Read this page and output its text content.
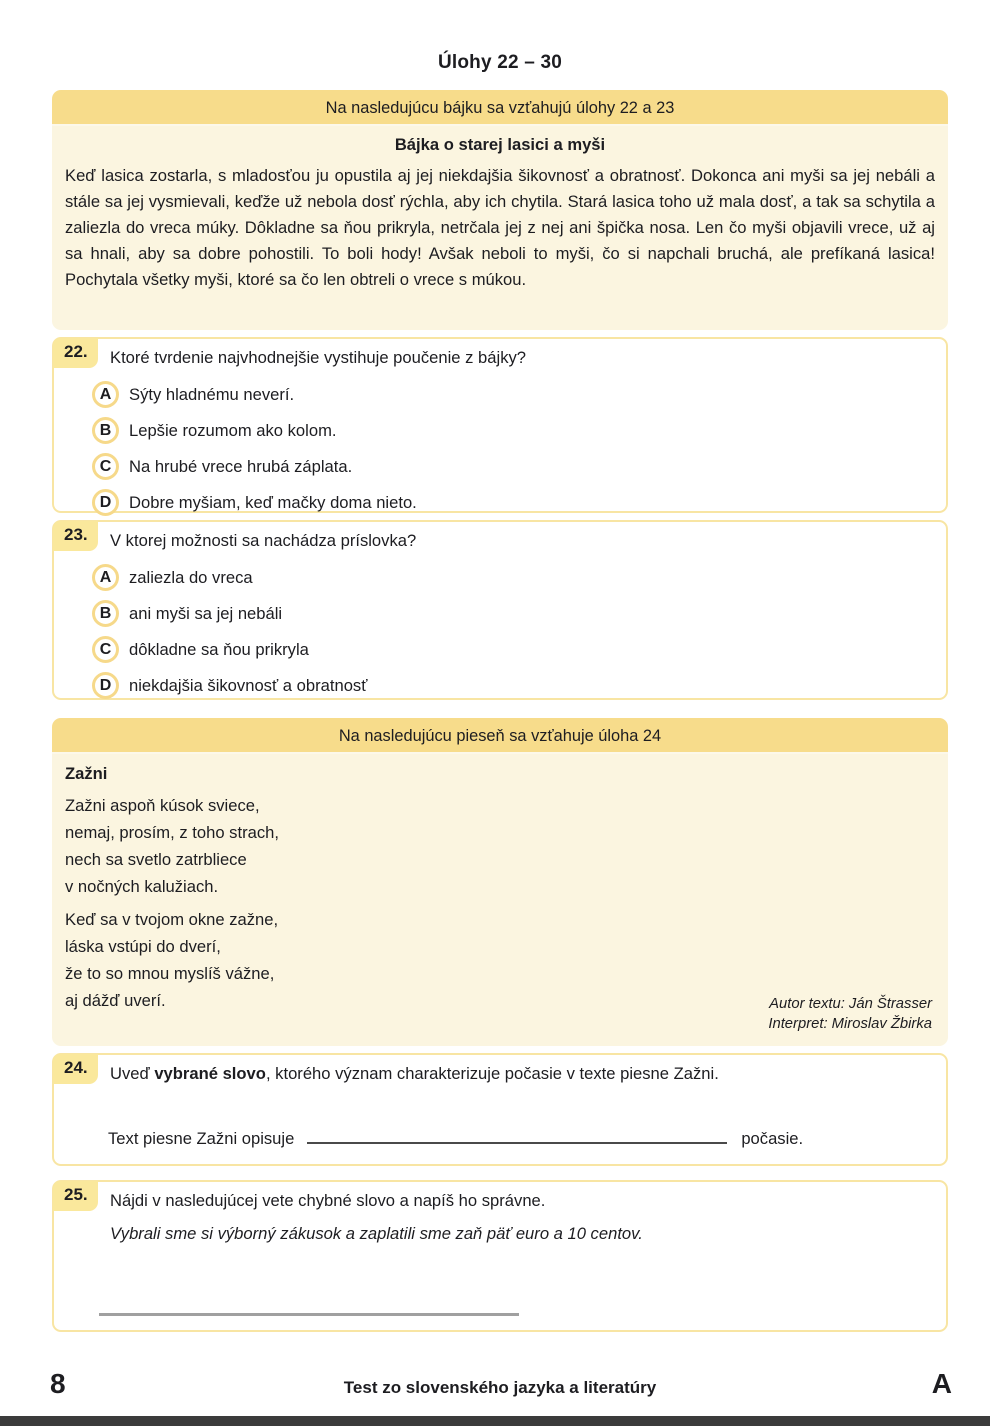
Úlohy 22 – 30
Na nasledujúcu bájku sa vzťahujú úlohy 22 a 23
Bájka o starej lasici a myši
Keď lasica zostarla, s mladosťou ju opustila aj jej niekdajšia šikovnosť a obratnosť. Dokonca ani myši sa jej nebáli a stále sa jej vysmievali, keďže už nebola dosť rýchla, aby ich chytila. Stará lasica toho už mala dosť, a tak sa schytila a zaliezla do vreca múky. Dôkladne sa ňou prikryla, netrčala jej z nej ani špička nosa. Len čo myši objavili vrece, už aj sa hnali, aby sa dobre pohostili. To boli hody! Avšak neboli to myši, čo si napchali bruchá, ale prefíkaná lasica! Pochytala všetky myši, ktoré sa čo len obtreli o vrece s múkou.
22.	Ktoré tvrdenie najvhodnejšie vystihuje poučenie z bájky?
A	Sýty hladnému neverí.
B	Lepšie rozumom ako kolom.
C	Na hrubé vrece hrubá záplata.
D	Dobre myšiam, keď mačky doma nieto.
23.	V ktorej možnosti sa nachádza príslovka?
A	zaliezla do vreca
B	ani myši sa jej nebáli
C	dôkladne sa ňou prikryla
D	niekdajšia šikovnosť a obratnosť
Na nasledujúcu pieseň sa vzťahuje úloha 24
Zažni
Zažni aspoň kúsok sviece,
nemaj, prosím, z toho strach,
nech sa svetlo zatrbliece
v nočných kalužiach.
Keď sa v tvojom okne zažne,
láska vstúpi do dverí,
že to so mnou myslíš vážne,
aj dážď uverí.	Autor textu: Ján Štrasser
Interpret: Miroslav Žbirka
24.	Uveď vybrané slovo, ktorého význam charakterizuje počasie v texte piesne Zažni.
Text piesne Zažni opisuje	počasie.
25.	Nájdi v nasledujúcej vete chybné slovo a napíš ho správne.
Vybrali sme si výborný zákusok a zaplatili sme zaň päť euro a 10 centov.
8	Test zo slovenského jazyka a literatúry	A
